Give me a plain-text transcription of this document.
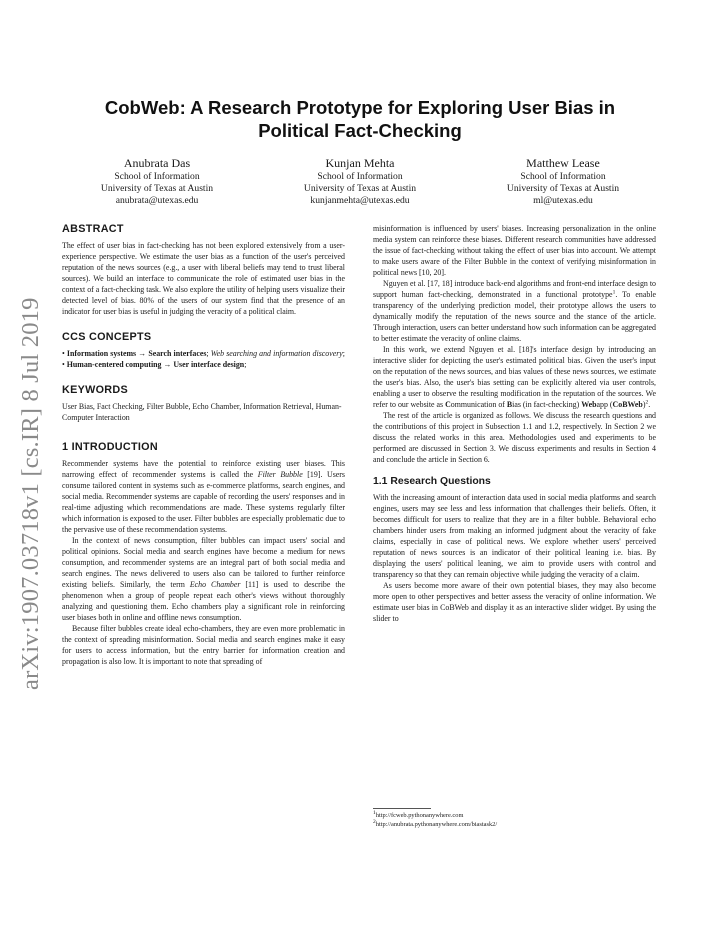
arXiv:1907.03718v1 [cs.IR] 8 Jul 2019
CobWeb: A Research Prototype for Exploring User Bias in
Political Fact-Checking
Anubrata Das
School of Information
University of Texas at Austin
anubrata@utexas.edu
Kunjan Mehta
School of Information
University of Texas at Austin
kunjanmehta@utexas.edu
Matthew Lease
School of Information
University of Texas at Austin
ml@utexas.edu
ABSTRACT

The effect of user bias in fact-checking has not been explored extensively from a user-experience perspective. We estimate the user bias as a function of the user's perceived reputation of the news sources (e.g., a user with liberal beliefs may tend to trust liberal sources). We build an interface to communicate the role of estimated user bias in the context of a fact-checking task. We also explore the utility of helping users visualize their detected level of bias. 80% of the users of our system find that the presence of an indicator for user bias is useful in judging the veracity of a political claim.

CCS CONCEPTS
• Information systems → Search interfaces; Web searching and information discovery; • Human-centered computing → User interface design;
KEYWORDS

User Bias, Fact Checking, Filter Bubble, Echo Chamber, Information Retrieval, Human-Computer Interaction

1 INTRODUCTION

Recommender systems have the potential to reinforce existing user biases. This narrowing effect of recommender systems is called the Filter Bubble [19]. Users consume tailored content in systems such as e-commerce platforms, search engines, and social media. Recommender systems are capable of recording the users' responses and in real-time adjusting which recommendations are made. These systems regularly filter which information is exposed to the user. Filter bubbles are especially problematic due to the pervasive use of these recommendation systems.

In the context of news consumption, filter bubbles can impact users' social and political opinions. Social media and search engines have become a medium for news consumption, and recommender systems are an integral part of both social media and search engines. The news delivered to users also can be tailored to further reinforce existing beliefs. Similarly, the term Echo Chamber [11] is used to describe the phenomenon when a group of people repeat each other's views without thoroughly analyzing and questioning them. Echo chambers play a significant role in reinforcing user biases both in online and offline news consumption.

Because filter bubbles create ideal echo-chambers, they are even more problematic in the context of spreading misinformation. Social media and search engines make it easy for users to access information, but the entry barrier for information creation and propagation is also low. It is important to note that spreading of

misinformation is influenced by users' biases. Increasing personalization in the online media system can reinforce these biases. Different research communities have addressed the issue of fact-checking without taking the effect of user bias into account. We attempt to make users aware of the Filter Bubble in the context of verifying misinformation in political news [10, 20].

Nguyen et al. [17, 18] introduce back-end algorithms and front-end interface design to support human fact-checking, demonstrated in a functional prototype$^1$. To enable transparency of the underlying prediction model, their prototype allows the users to dynamically modify the reputation of the news source and the stance of the article. Through interaction, users can better understand how such information can be aggregated to better estimate the veracity of online claims.

In this work, we extend Nguyen et al. [18]'s interface design by introducing an interactive slider for depicting the user's estimated political bias. Given the user's input on the reputation of the news sources, and bias values of these news sources, we estimate the user's bias. Also, the user's bias setting can be explicitly altered via user controls, enabling a user to observe the resulting modification in the reputation of the sources. We refer to our website as Communication of Bias (in fact-checking) Webapp (CoBWeb)$^2$.

The rest of the article is organized as follows. We discuss the research questions and the contributions of this project in Subsection 1.1 and 1.2, respectively. In Section 2 we discuss the related works in this area. Methodologies used and experiments to be performed are discussed in Section 3. We discuss experiments and results in Section 4 and conclude the article in Section 6.

1.1 Research Questions

With the increasing amount of interaction data used in social media platforms and search engines, users may see less and less information that challenges their beliefs. Often, it becomes difficult for users to realize that they are in a filter bubble. Behavioral echo chambers hinder users from making an informed judgment about the veracity of fake claims, especially in case of political news. We explore whether users' perceived reputation of news sources is an indicator of their political leaning i.e. bias. By displaying the users' political leaning, we aim to provide users with control and transparency so that they can remain objective while judging the veracity of a claim.

As users become more aware of their own potential biases, they may also become more open to other perspectives and better assess the veracity of online information. We estimate user bias in CoBWeb and display it as an interactive slider widget. By using the slider to

$^1$http://fcweb.pythonanywhere.com
$^2$http://anubrata.pythonanywhere.com/biastask2/
